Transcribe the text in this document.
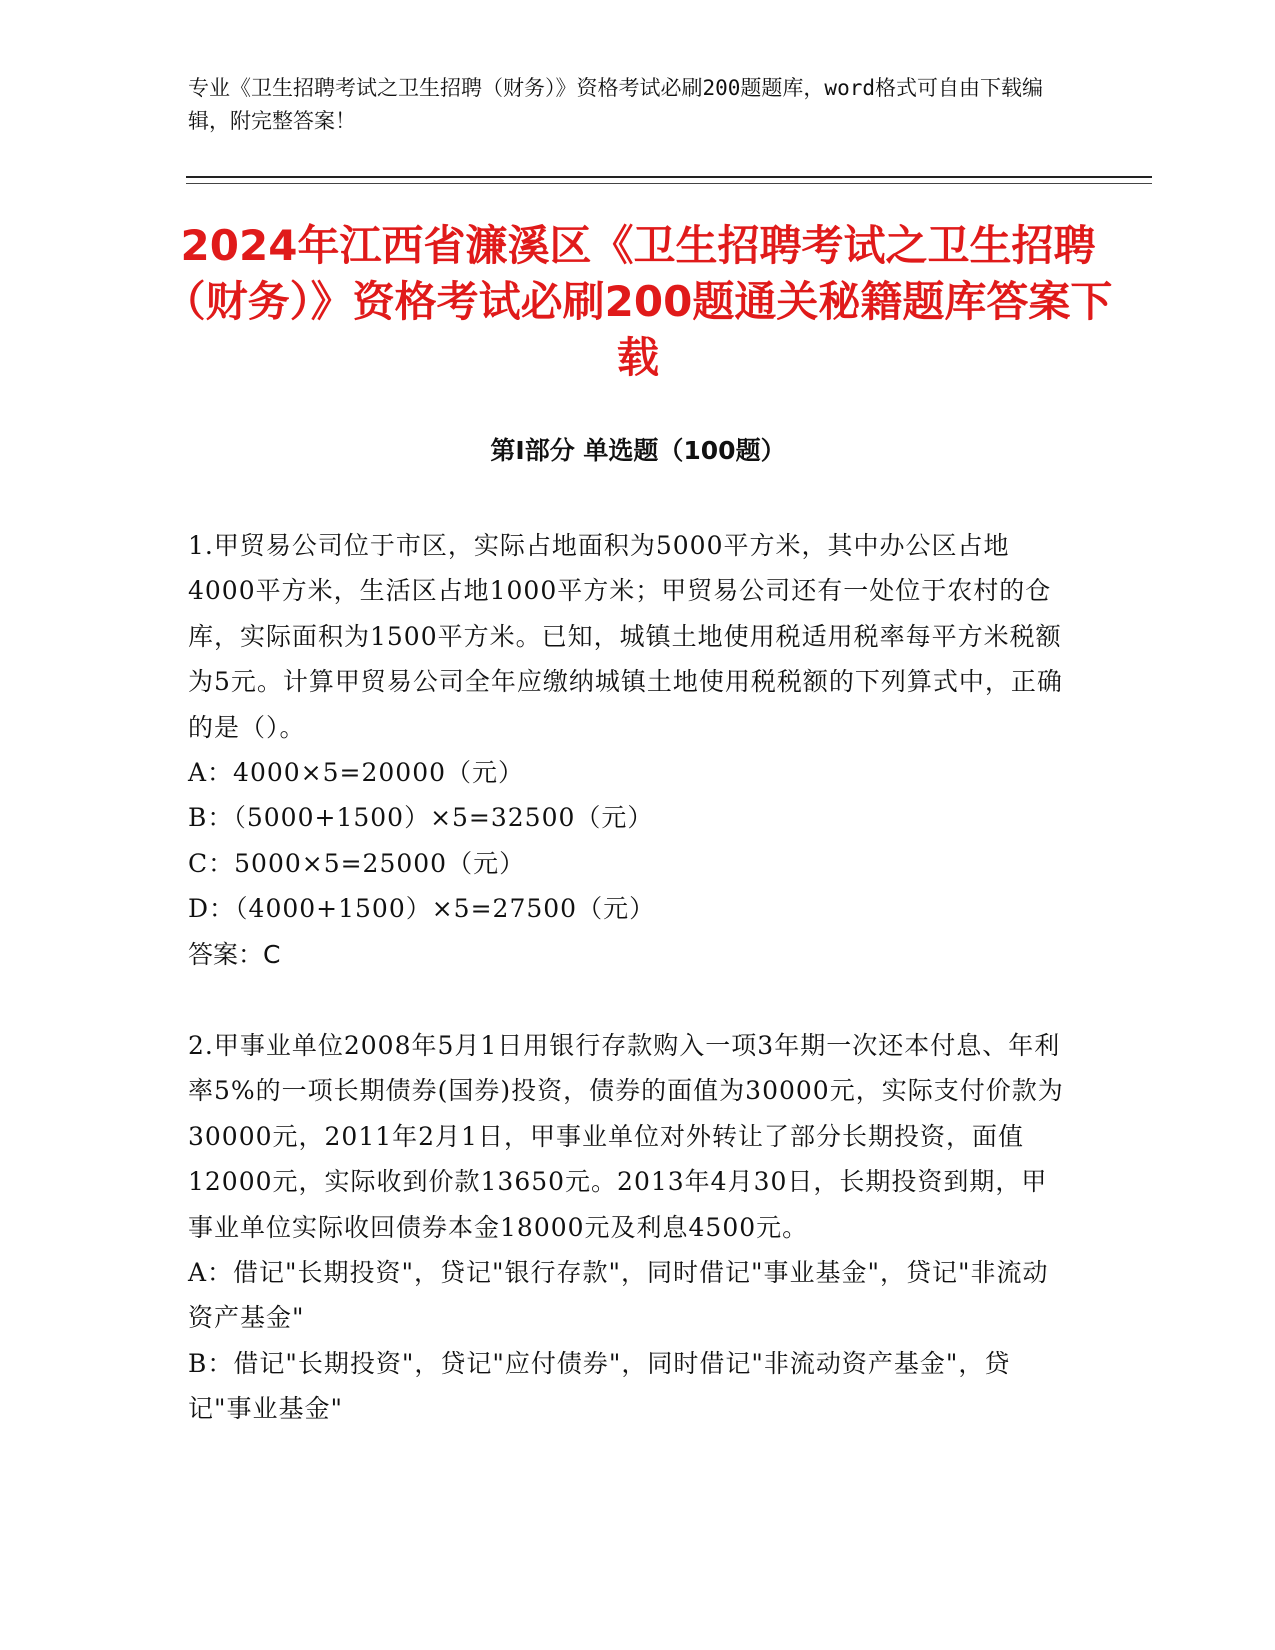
专业《卫生招聘考试之卫生招聘（财务）》资格考试必刷200题题库，word格式可自由下载编辑，附完整答案！
2024年江西省濂溪区《卫生招聘考试之卫生招聘（财务）》资格考试必刷200题通关秘籍题库答案下载
第Ⅰ部分 单选题（100题）

1.甲贸易公司位于市区，实际占地面积为5000平方米，其中办公区占地4000平方米，生活区占地1000平方米；甲贸易公司还有一处位于农村的仓库，实际面积为1500平方米。已知，城镇土地使用税适用税率每平方米税额为5元。计算甲贸易公司全年应缴纳城镇土地使用税税额的下列算式中，正确的是（）。

A：4000×5=20000（元）

B：（5000+1500）×5=32500（元）

C：5000×5=25000（元）

D：（4000+1500）×5=27500（元）

答案：C

2.甲事业单位2008年5月1日用银行存款购入一项3年期一次还本付息、年利率5%的一项长期债券(国券)投资，债券的面值为30000元，实际支付价款为30000元，2011年2月1日，甲事业单位对外转让了部分长期投资，面值12000元，实际收到价款13650元。2013年4月30日，长期投资到期，甲事业单位实际收回债券本金18000元及利息4500元。

A：借记"长期投资"，贷记"银行存款"，同时借记"事业基金"，贷记"非流动资产基金"

B：借记"长期投资"，贷记"应付债券"，同时借记"非流动资产基金"，贷记"事业基金"
